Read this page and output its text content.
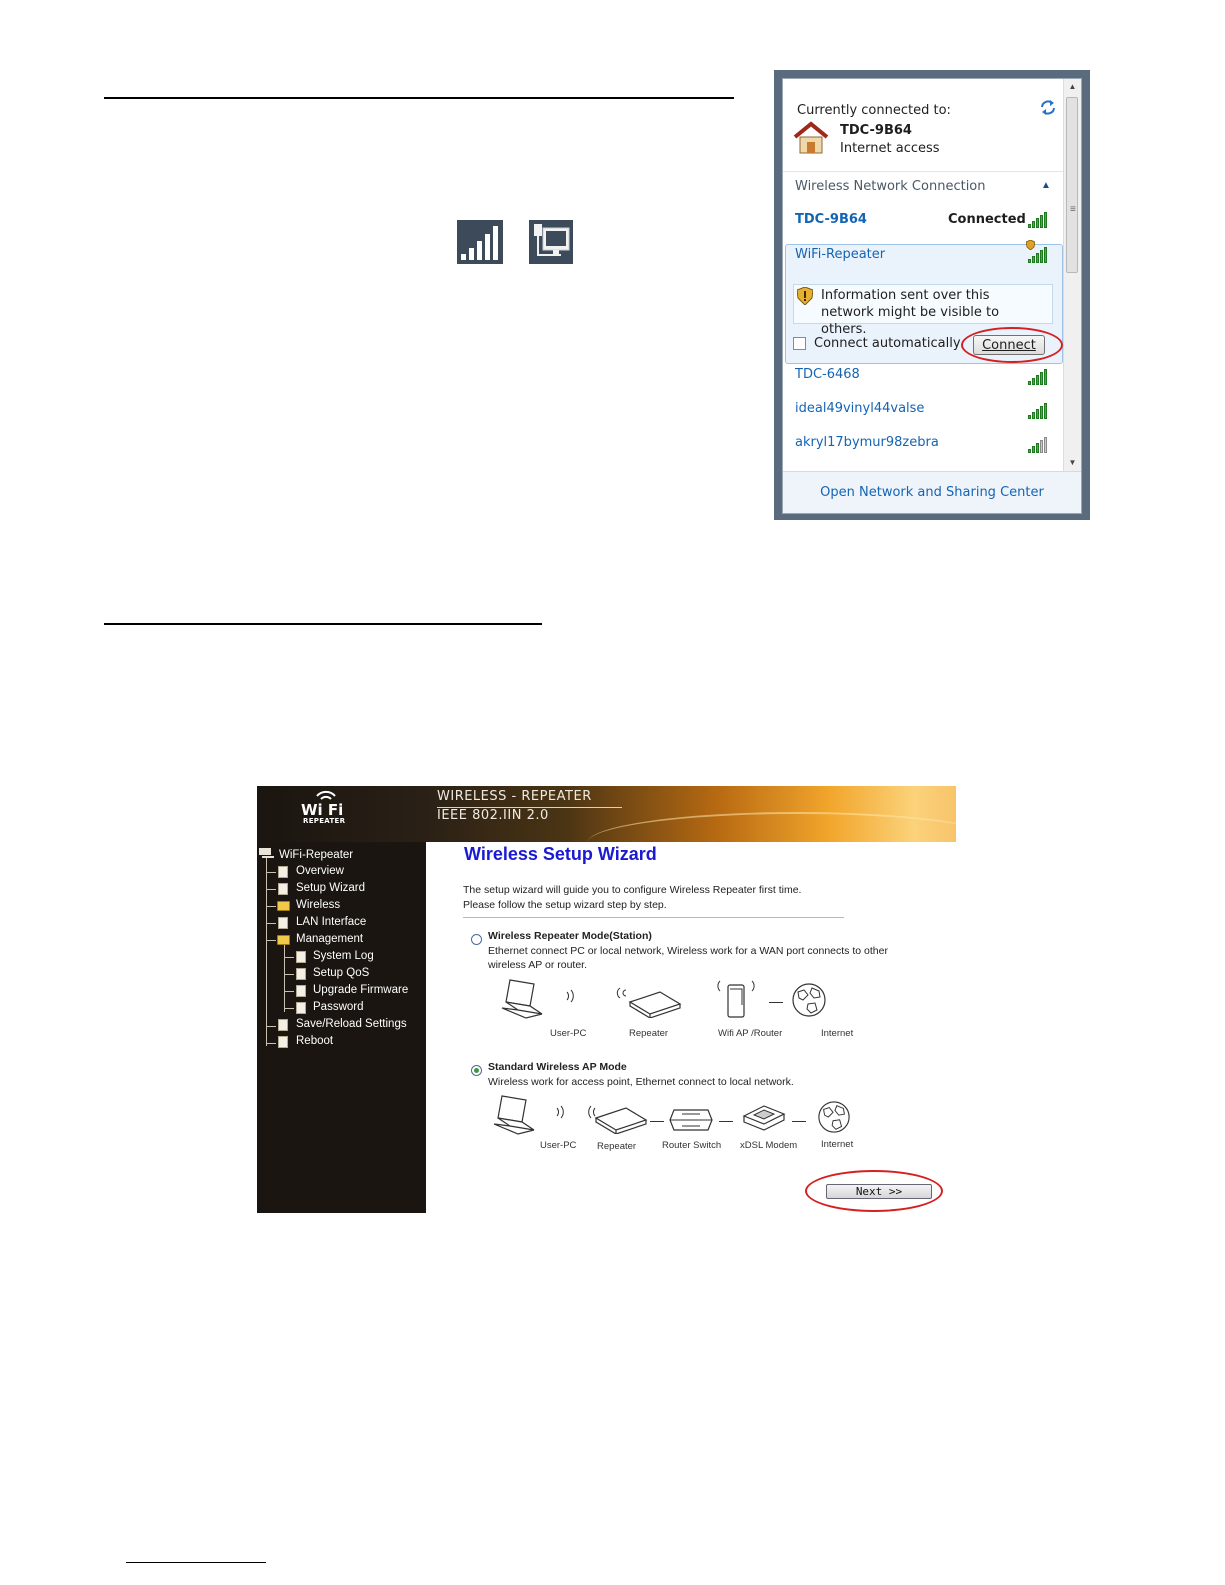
Currently connected to:
TDC-9B64
Internet access
Wireless Network Connection	▲
TDC-9B64	Connected
WiFi-Repeater
Information sent over this network might be visible to others.
Connect automatically	Connect
TDC-6468
ideal49vinyl44valse
akryl17bymur98zebra
▲
≡
▼
Open Network and Sharing Center
Wi Fi
REPEATER
WIRELESS - REPEATER
IEEE 802.IIN 2.0
WiFi-Repeater
Overview
Setup Wizard
Wireless
LAN Interface
Management
System Log
Setup QoS
Upgrade Firmware
Password
Save/Reload Settings
Reboot
Wireless Setup Wizard
The setup wizard will guide you to configure Wireless Repeater first time.
Please follow the setup wizard step by step.
Wireless Repeater Mode(Station)
Ethernet connect PC or local network, Wireless work for a WAN port connects to other
wireless AP or router.
User-PC	Repeater	Wifi AP /Router	Internet
Standard Wireless AP Mode
Wireless work for access point, Ethernet connect to local network.
User-PC Repeater	Router Switch xDSL Modem	Internet
Next >>
